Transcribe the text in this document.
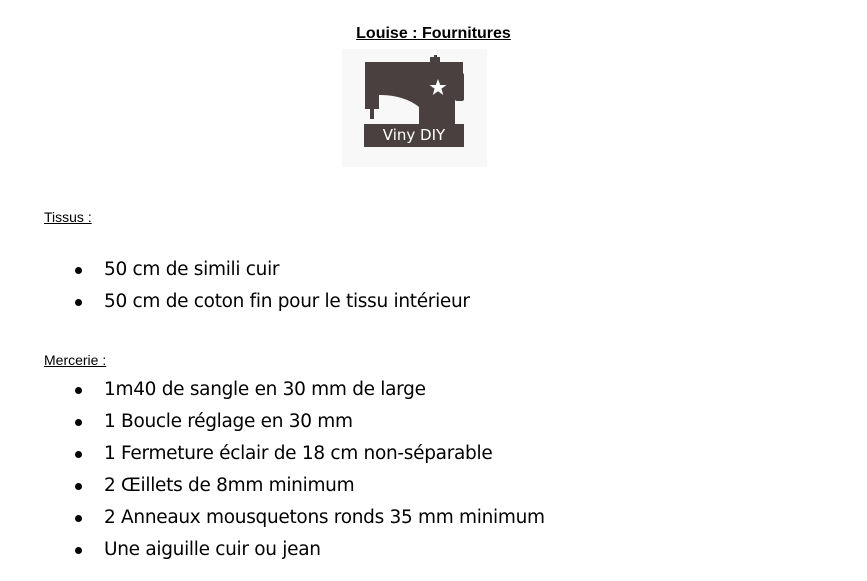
Louise : Fournitures
Viny DIY
Tissus :
50 cm de simili cuir
50 cm de coton fin pour le tissu intérieur
Mercerie :
1m40 de sangle en 30 mm de large
1 Boucle réglage en 30 mm
1 Fermeture éclair de 18 cm non-séparable
2 Œillets de 8mm minimum
2 Anneaux mousquetons ronds 35 mm minimum
Une aiguille cuir ou jean
